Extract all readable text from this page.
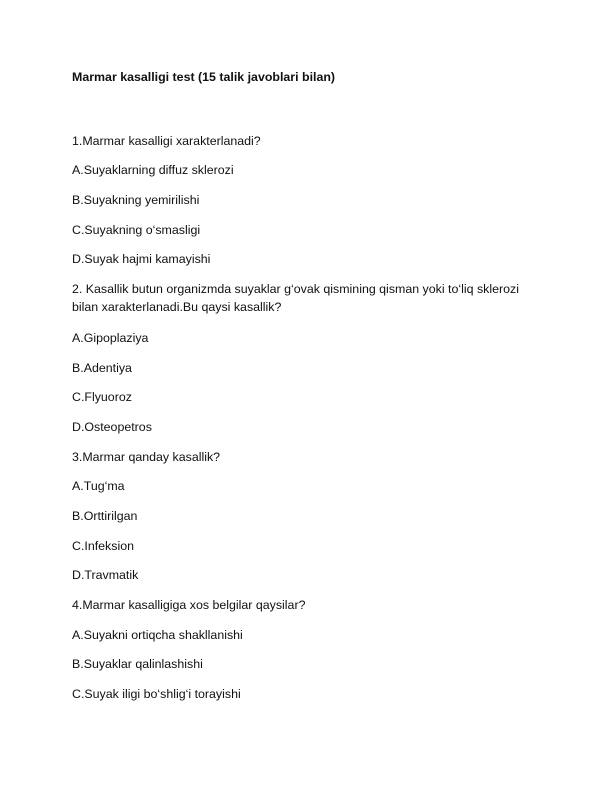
Marmar kasalligi test (15 talik javoblari bilan)
1.Marmar kasalligi xarakterlanadi?
A.Suyaklarning diffuz sklerozi
B.Suyakning yemirilishi
C.Suyakning o‘smasligi
D.Suyak hajmi kamayishi
2. Kasallik butun organizmda suyaklar g‘ovak qismining qisman yoki to‘liq sklerozi bilan xarakterlanadi.Bu qaysi kasallik?
A.Gipoplaziya
B.Adentiya
C.Flyuoroz
D.Osteopetros
3.Marmar qanday kasallik?
A.Tug‘ma
B.Orttirilgan
C.Infeksion
D.Travmatik
4.Marmar kasalligiga xos belgilar qaysilar?
A.Suyakni ortiqcha shakllanishi
B.Suyaklar qalinlashishi
C.Suyak iligi bo‘shlig‘i torayishi
